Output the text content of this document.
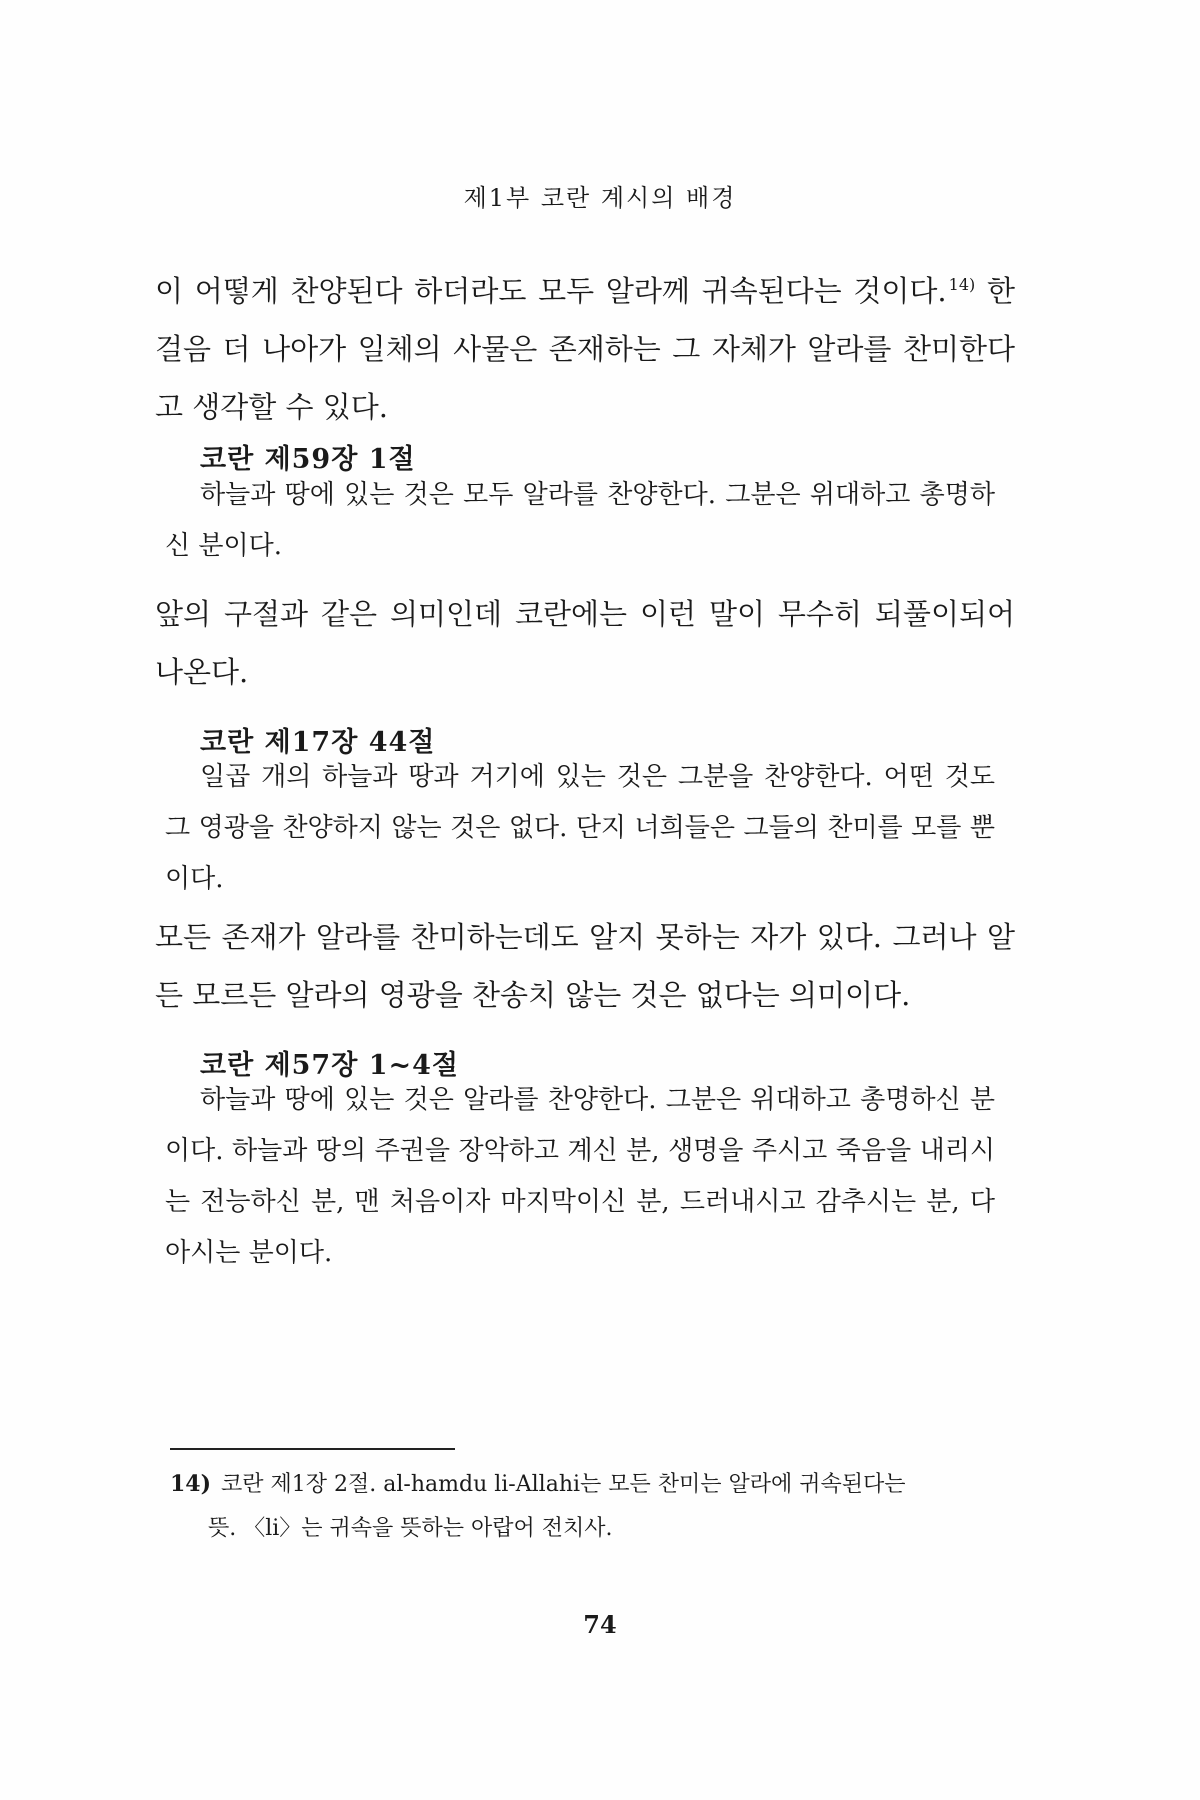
제1부 코란 계시의 배경
이 어떻게 찬양된다 하더라도 모두 알라께 귀속된다는 것이다. $^{14)}$ 한 걸음 더 나아가 일체의 사물은 존재하는 그 자체가 알라를 찬미한다고 생각할 수 있다.
코란 제59장 1절
하늘과 땅에 있는 것은 모두 알라를 찬양한다. 그분은 위대하고 총명하신 분이다.
앞의 구절과 같은 의미인데 코란에는 이런 말이 무수히 되풀이되어 나온다.
코란 제17장 44절
일곱 개의 하늘과 땅과 거기에 있는 것은 그분을 찬양한다. 어떤 것도 그 영광을 찬양하지 않는 것은 없다. 단지 너희들은 그들의 찬미를 모를 뿐이다.
모든 존재가 알라를 찬미하는데도 알지 못하는 자가 있다. 그러나 알든 모르든 알라의 영광을 찬송치 않는 것은 없다는 의미이다.
코란 제57장 1~4절
하늘과 땅에 있는 것은 알라를 찬양한다. 그분은 위대하고 총명하신 분이다. 하늘과 땅의 주권을 장악하고 계신 분, 생명을 주시고 죽음을 내리시는 전능하신 분, 맨 처음이자 마지막이신 분, 드러내시고 감추시는 분, 다 아시는 분이다.
14) 코란 제1장 2절. al-hamdu li-Allahi는 모든 찬미는 알라에 귀속된다는
뜻. 〈li〉는 귀속을 뜻하는 아랍어 전치사.
74
